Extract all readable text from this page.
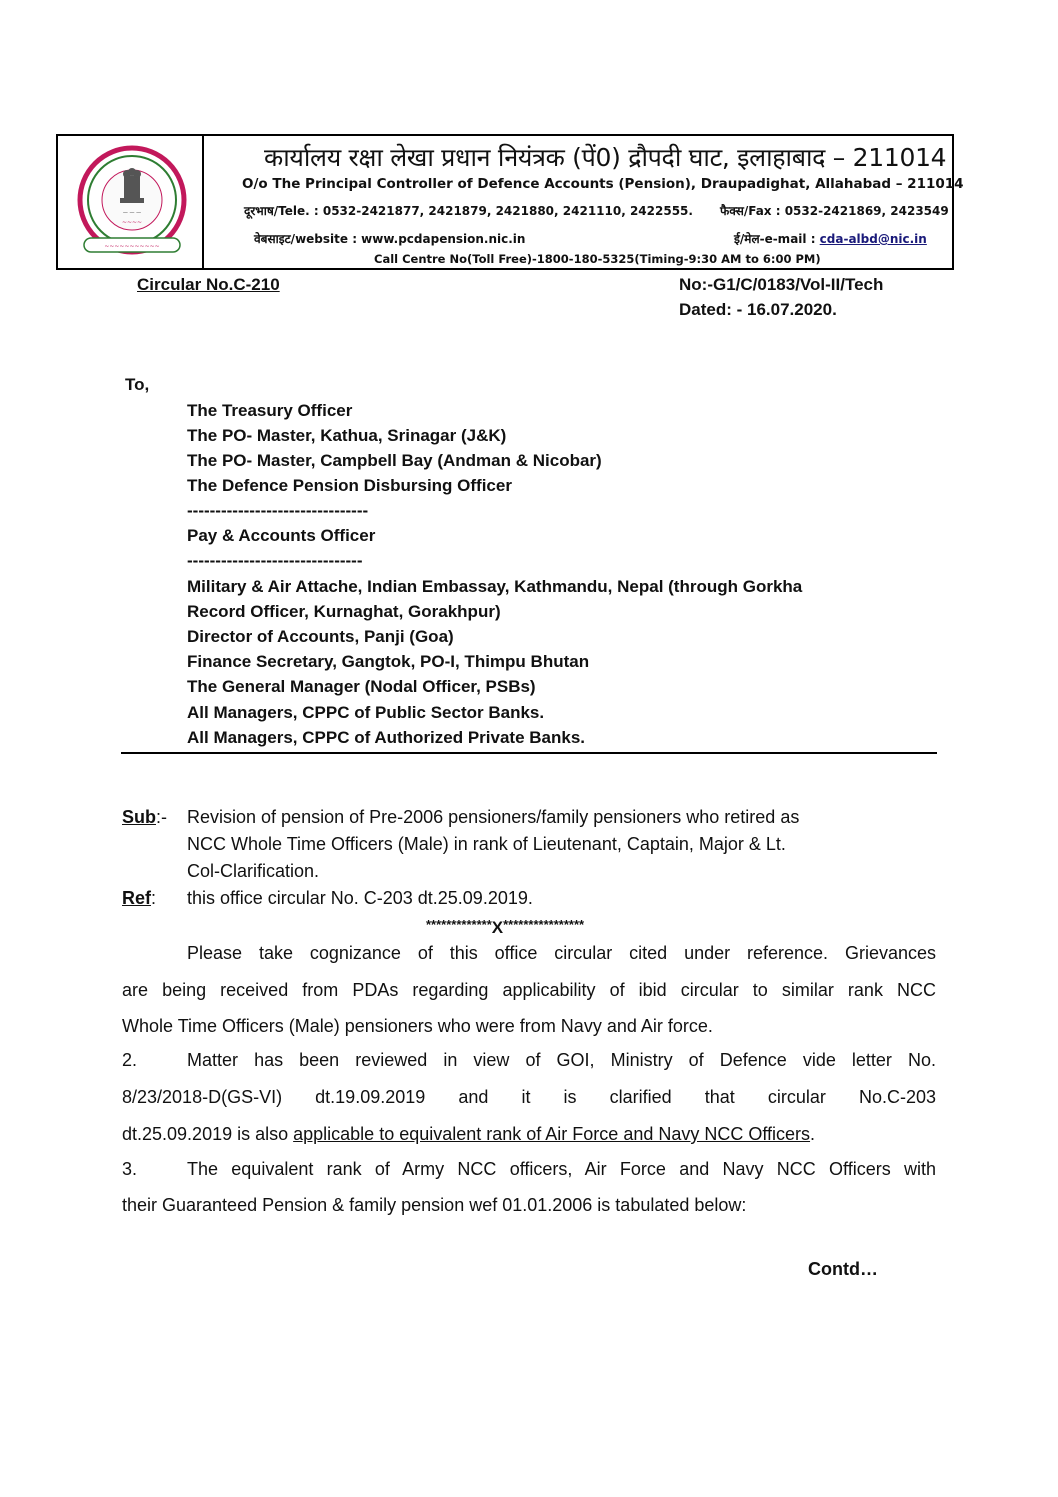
— — —
~~~~
~~~~~~~~~~~
कार्यालय रक्षा लेखा प्रधान नियंत्रक (पें0) द्रौपदी घाट, इलाहाबाद – 211014
O/o The Principal Controller of Defence Accounts (Pension), Draupadighat, Allahabad – 211014
दूरभाष/Tele. : 0532-2421877, 2421879, 2421880, 2421110, 2422555. फैक्स/Fax : 0532-2421869, 2423549
वेबसाइट/website : www.pcdapension.nic.in	ई/मेल-e-mail : cda-albd@nic.in
Call Centre No(Toll Free)-1800-180-5325(Timing-9:30 AM to 6:00 PM)
Circular No.C-210	No:-G1/C/0183/Vol-II/Tech
Dated: - 16.07.2020.
To,
The Treasury Officer
The PO- Master, Kathua, Srinagar (J&K)
The PO- Master, Campbell Bay (Andman & Nicobar)
The Defence Pension Disbursing Officer
--------------------------------
Pay & Accounts Officer
-------------------------------
Military & Air Attache, Indian Embassay, Kathmandu, Nepal (through Gorkha
Record Officer, Kurnaghat, Gorakhpur)
Director of Accounts, Panji (Goa)
Finance Secretary, Gangtok, PO-I, Thimpu Bhutan
The General Manager (Nodal Officer, PSBs)
All Managers, CPPC of Public Sector Banks.
All Managers, CPPC of Authorized Private Banks.
Sub:- Revision of pension of Pre-2006 pensioners/family pensioners who retired as
NCC Whole Time Officers (Male) in rank of Lieutenant, Captain, Major & Lt.
Col-Clarification.
Ref: this office circular No. C-203 dt.25.09.2019.
*************X****************
Please take cognizance of this office circular cited under reference. Grievances
are being received from PDAs regarding applicability of ibid circular to similar rank NCC
Whole Time Officers (Male) pensioners who were from Navy and Air force.
2.	Matter has been reviewed in view of GOI, Ministry of Defence vide letter No.
8/23/2018-D(GS-VI)  dt.19.09.2019  and  it  is  clarified  that  circular  No.C-203
dt.25.09.2019 is also applicable to equivalent rank of Air Force and Navy NCC Officers.
3.	The equivalent rank of Army NCC officers, Air Force and Navy NCC Officers with
their Guaranteed Pension & family pension wef 01.01.2006 is tabulated below:
Contd…
